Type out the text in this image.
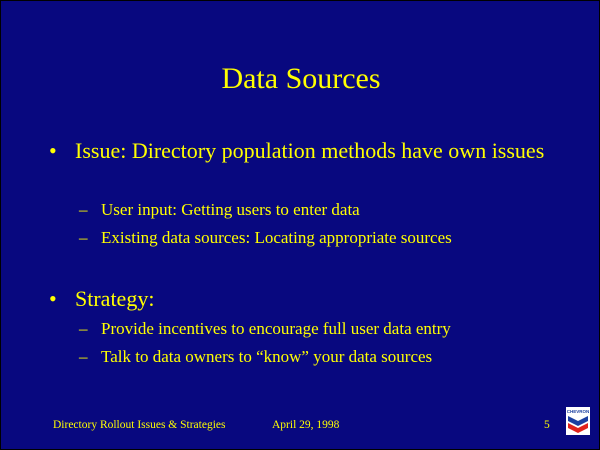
Data Sources
• Issue: Directory population methods have own issues
– User input: Getting users to enter data
– Existing data sources: Locating appropriate sources
• Strategy:
– Provide incentives to encourage full user data entry
– Talk to data owners to “know” your data sources
Directory Rollout Issues & Strategies	April 29, 1998	5
CHEVRON
